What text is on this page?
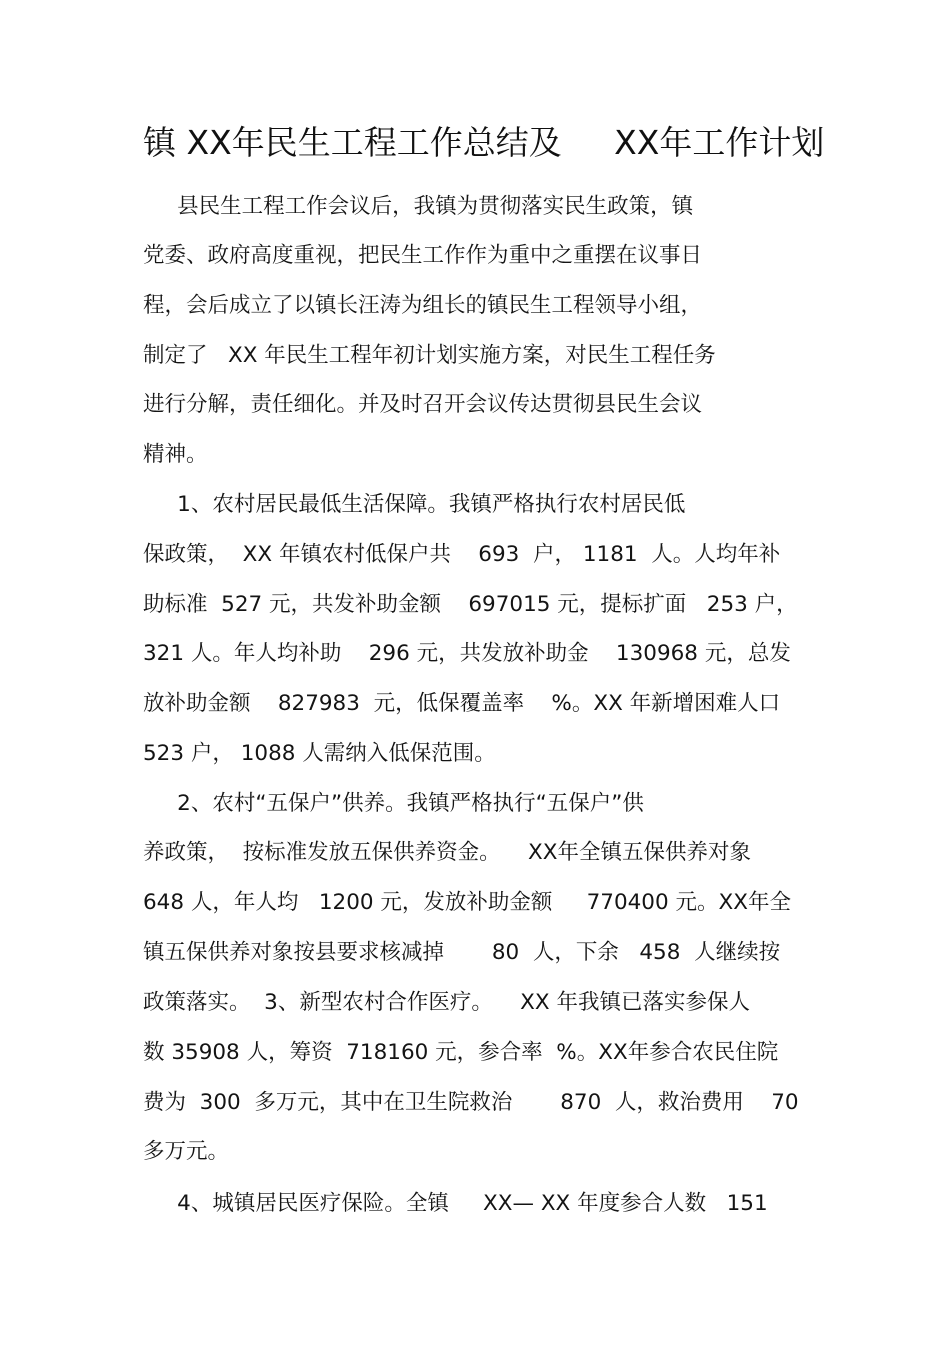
镇 XX年民生工程工作总结及     XX年工作计划
县民生工程工作会议后，我镇为贯彻落实民生政策，镇
党委、政府高度重视，把民生工作作为重中之重摆在议事日
程，会后成立了以镇长汪涛为组长的镇民生工程领导小组，
制定了   XX 年民生工程年初计划实施方案，对民生工程任务
进行分解，责任细化。并及时召开会议传达贯彻县民生会议
精神。
1、农村居民最低生活保障。我镇严格执行农村居民低
保政策，  XX 年镇农村低保户共    693  户， 1181  人。人均年补
助标准  527 元，共发补助金额    697015 元，提标扩面   253 户，
321 人。年人均补助    296 元，共发放补助金    130968 元，总发
放补助金额    827983  元，低保覆盖率    %。XX 年新增困难人口
523 户， 1088 人需纳入低保范围。
2、农村“五保户”供养。我镇严格执行“五保户”供
养政策，  按标准发放五保供养资金。    XX年全镇五保供养对象
648 人，年人均   1200 元，发放补助金额     770400 元。XX年全
镇五保供养对象按县要求核减掉       80  人，下余   458  人继续按
政策落实。  3、新型农村合作医疗。    XX 年我镇已落实参保人
数 35908 人，筹资  718160 元，参合率  %。XX年参合农民住院
费为  300  多万元，其中在卫生院救治       870  人，救治费用    70
多万元。
4、城镇居民医疗保险。全镇     XX— XX 年度参合人数   151
